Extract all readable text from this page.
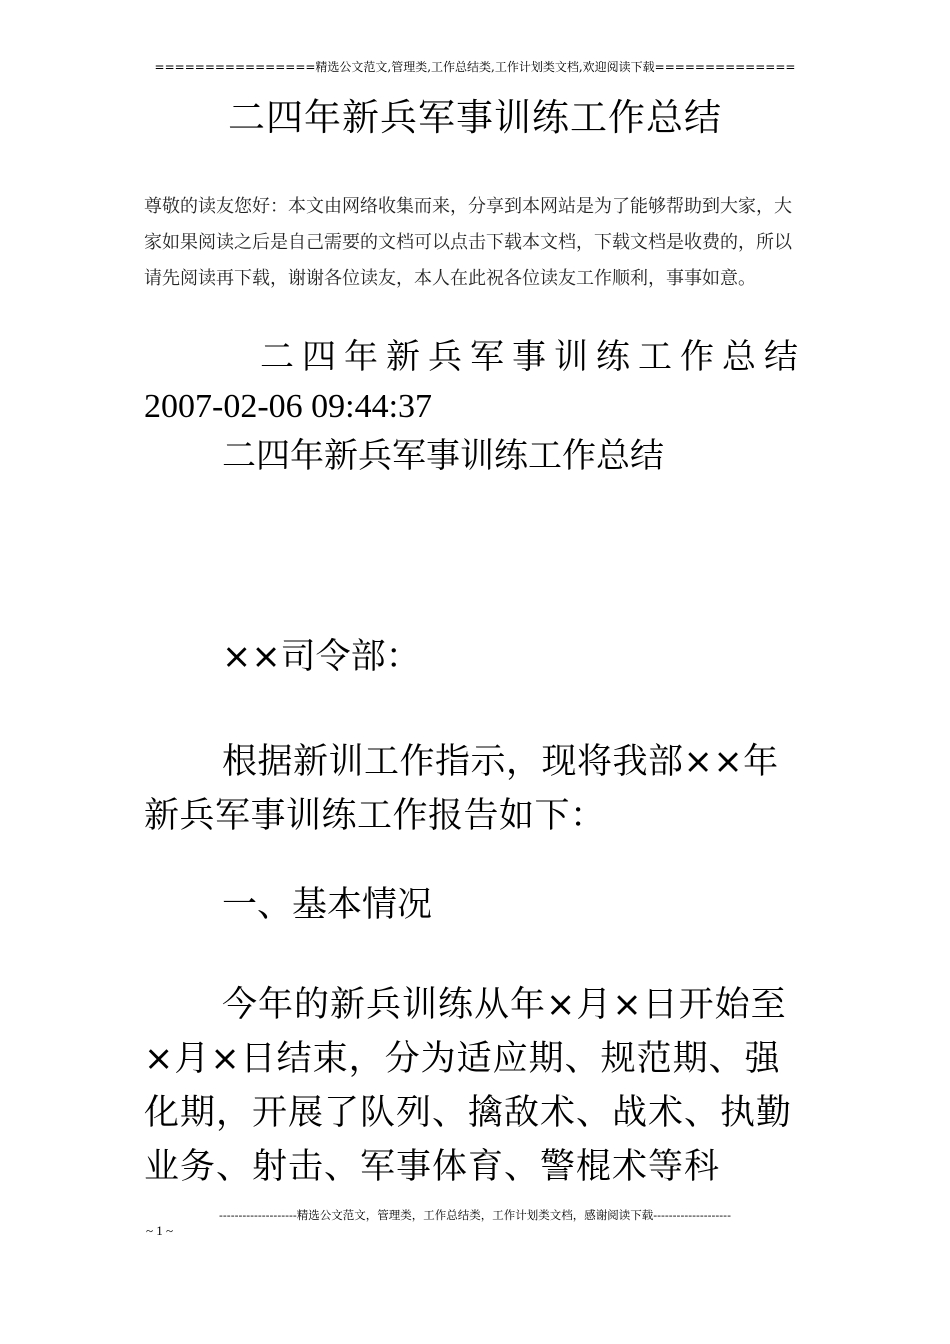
================精选公文范文,管理类,工作总结类,工作计划类文档,欢迎阅读下载==============
二四年新兵军事训练工作总结
尊敬的读友您好：本文由网络收集而来，分享到本网站是为了能够帮助到大家，大家如果阅读之后是自己需要的文档可以点击下载本文档，下载文档是收费的，所以请先阅读再下载，谢谢各位读友，本人在此祝各位读友工作顺利，事事如意。
二四年新兵军事训练工作总结
2007-02-06 09:44:37
二四年新兵军事训练工作总结
××司令部：
根据新训工作指示，现将我部××年新兵军事训练工作报告如下：
一、基本情况
今年的新兵训练从年×月×日开始至×月×日结束，分为适应期、规范期、强化期，开展了队列、擒敌术、战术、执勤业务、射击、军事体育、警棍术等科
--------------------精选公文范文，管理类，工作总结类，工作计划类文档，感谢阅读下载--------------------
~ 1 ~
